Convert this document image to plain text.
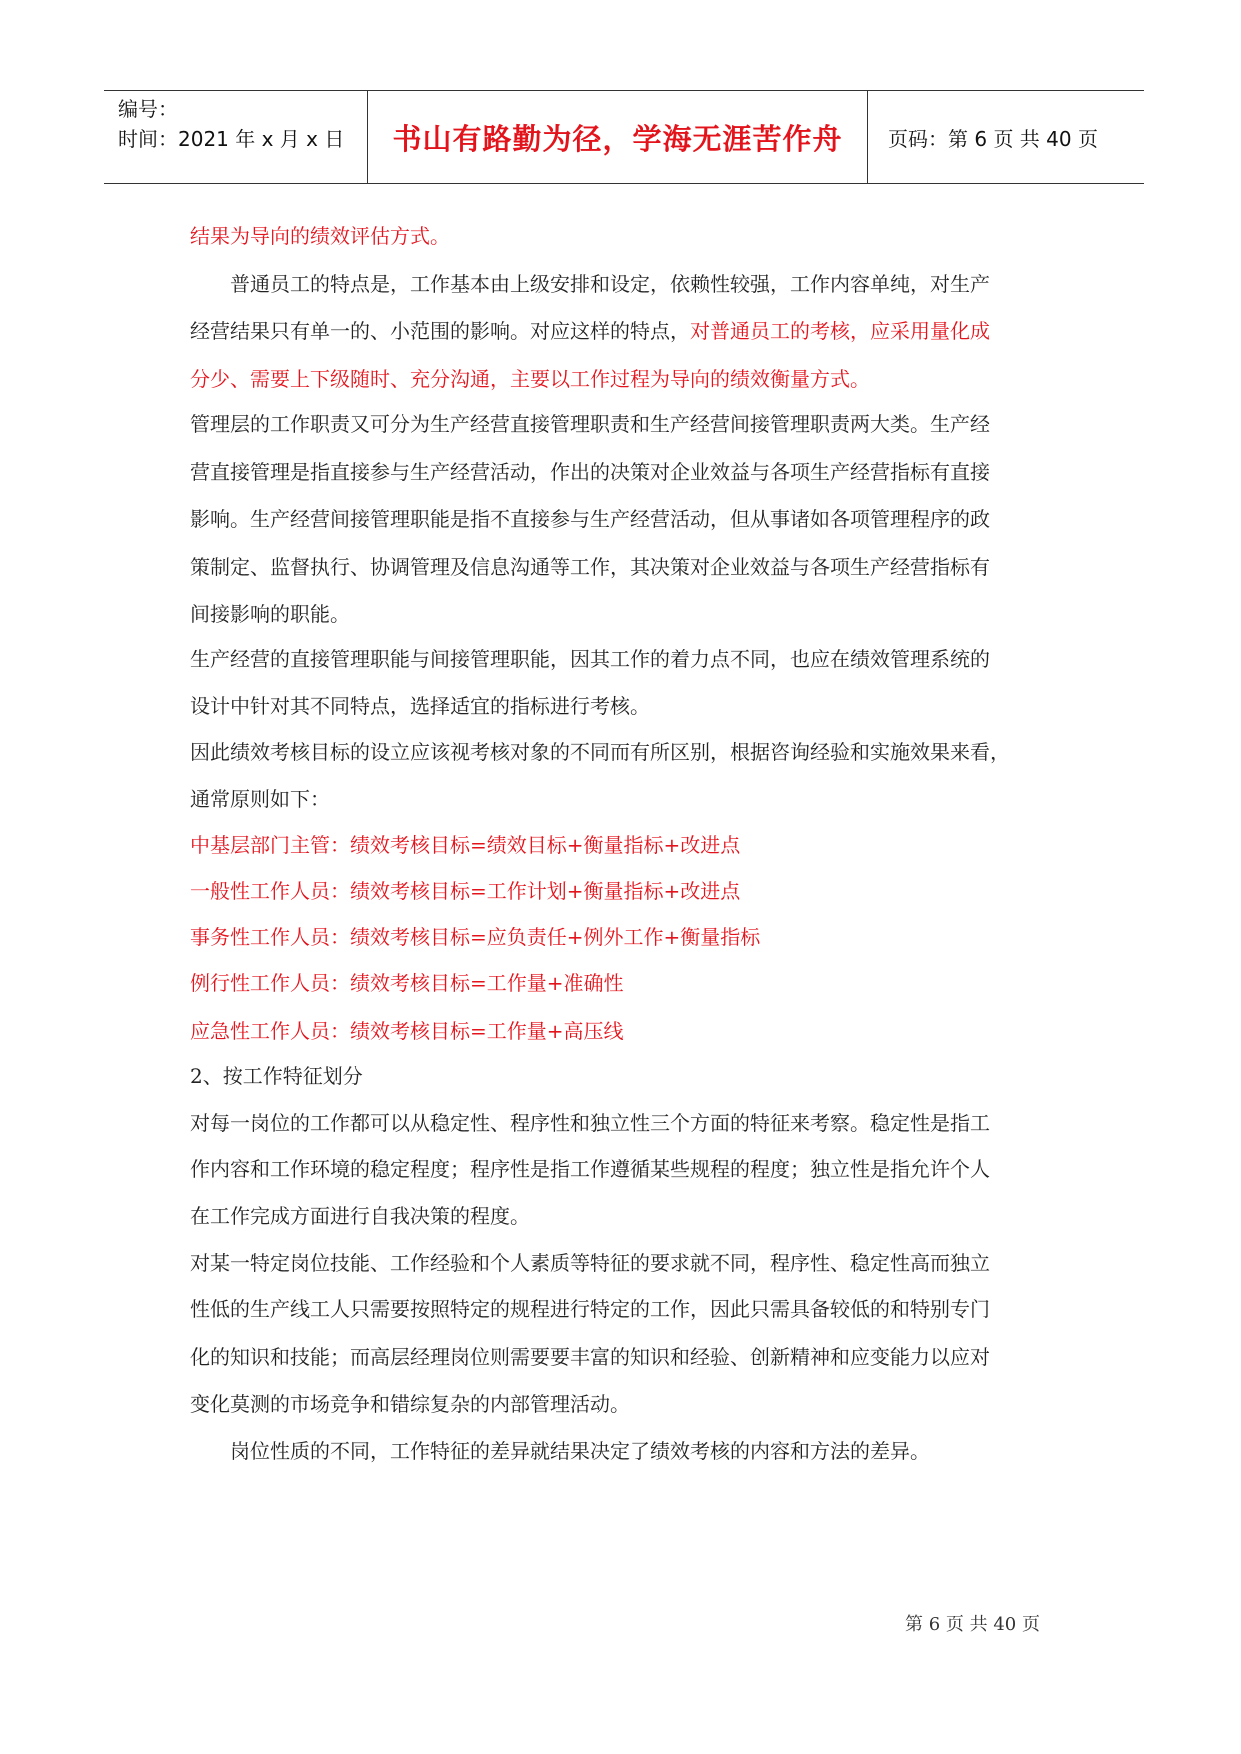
编号：
时间：2021 年 x 月 x 日	书山有路勤为径，学海无涯苦作舟	页码：第 6 页 共 40 页
结果为导向的绩效评估方式。
　　普通员工的特点是，工作基本由上级安排和设定，依赖性较强，工作内容单纯，对生产
经营结果只有单一的、小范围的影响。对应这样的特点，对普通员工的考核，应采用量化成
分少、需要上下级随时、充分沟通，主要以工作过程为导向的绩效衡量方式。
管理层的工作职责又可分为生产经营直接管理职责和生产经营间接管理职责两大类。生产经
营直接管理是指直接参与生产经营活动，作出的决策对企业效益与各项生产经营指标有直接
影响。生产经营间接管理职能是指不直接参与生产经营活动，但从事诸如各项管理程序的政
策制定、监督执行、协调管理及信息沟通等工作，其决策对企业效益与各项生产经营指标有
间接影响的职能。
生产经营的直接管理职能与间接管理职能，因其工作的着力点不同，也应在绩效管理系统的
设计中针对其不同特点，选择适宜的指标进行考核。
因此绩效考核目标的设立应该视考核对象的不同而有所区别，根据咨询经验和实施效果来看，
通常原则如下：
中基层部门主管：绩效考核目标=绩效目标+衡量指标+改进点
一般性工作人员：绩效考核目标=工作计划+衡量指标+改进点
事务性工作人员：绩效考核目标=应负责任+例外工作+衡量指标
例行性工作人员：绩效考核目标=工作量+准确性
应急性工作人员：绩效考核目标=工作量+高压线
2、按工作特征划分
对每一岗位的工作都可以从稳定性、程序性和独立性三个方面的特征来考察。稳定性是指工
作内容和工作环境的稳定程度；程序性是指工作遵循某些规程的程度；独立性是指允许个人
在工作完成方面进行自我决策的程度。
对某一特定岗位技能、工作经验和个人素质等特征的要求就不同，程序性、稳定性高而独立
性低的生产线工人只需要按照特定的规程进行特定的工作，因此只需具备较低的和特别专门
化的知识和技能；而高层经理岗位则需要要丰富的知识和经验、创新精神和应变能力以应对
变化莫测的市场竞争和错综复杂的内部管理活动。
　　岗位性质的不同，工作特征的差异就结果决定了绩效考核的内容和方法的差异。
第 6 页 共 40 页
